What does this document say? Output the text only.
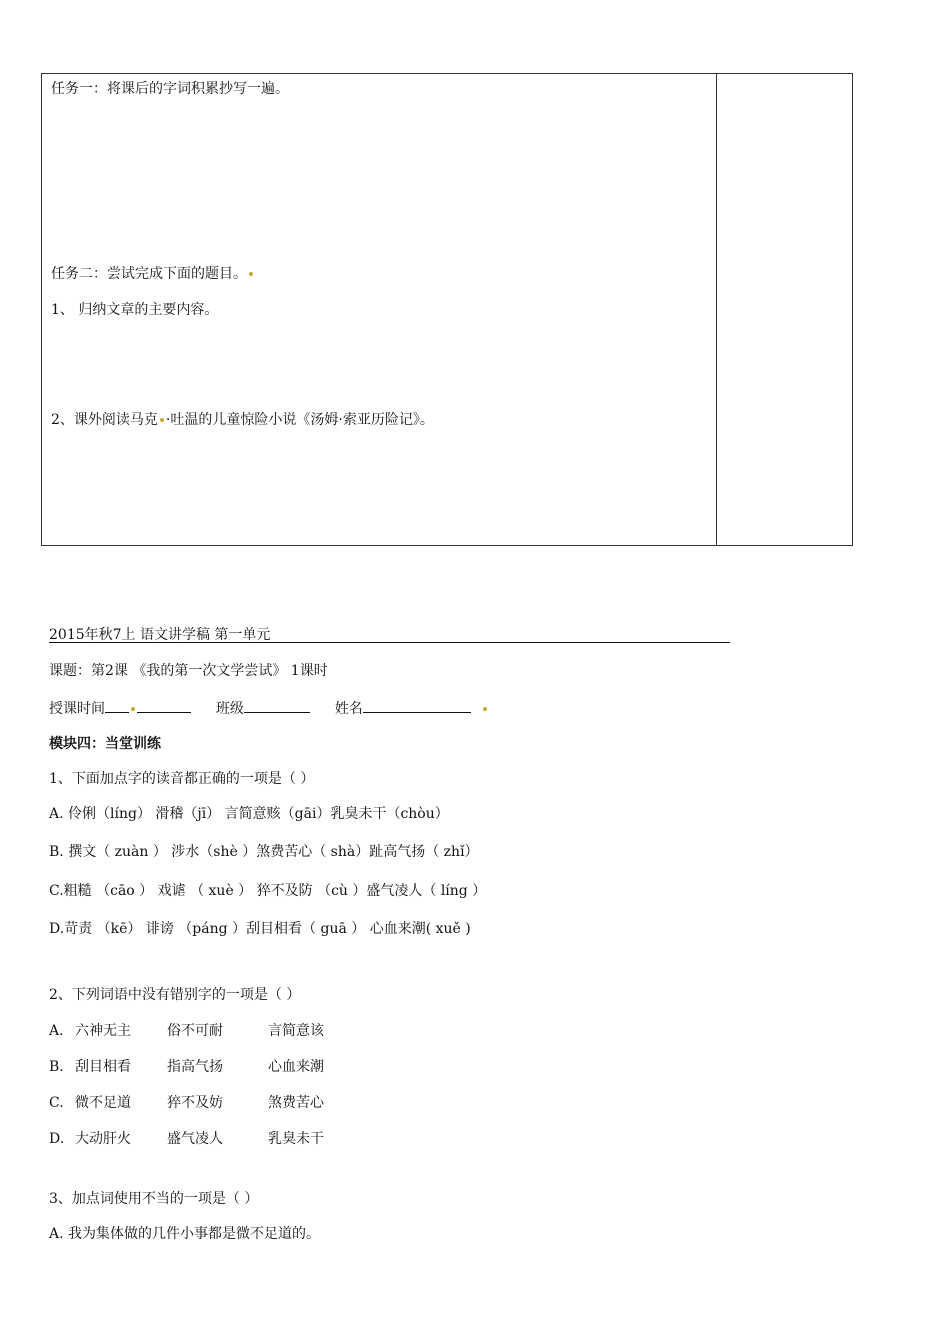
任务一：将课后的字词积累抄写一遍。
任务二：尝试完成下面的题目。
1、 归纳文章的主要内容。
2、课外阅读马克 ·吐温的儿童惊险小说《汤姆·索亚历险记》。
2015年秋7上 语文讲学稿 第一单元
课题：第2课 《我的第一次文学尝试》 1课时
授课时间	班级	姓名
模块四：当堂训练
1、下面加点字的读音都正确的一项是（ ）
A. 伶俐（líng） 滑稽（jī） 言简意赅（gāi）乳臭未干（chòu）
B. 撰文（ zuàn ） 涉水（shè ）煞费苦心（ shà）趾高气扬（ zhǐ）
C.粗糙 （cāo ） 戏谑 （ xuè ） 猝不及防 （cù ）盛气凌人（ líng ）
D.苛责 （kē） 诽谤 （páng ）刮目相看（ guā ） 心血来潮( xuě )
2、下列词语中没有错别字的一项是（ ）
A. 六神无主	俗不可耐	言简意该
B. 刮目相看	指高气扬	心血来潮
C. 微不足道	猝不及妨	煞费苦心
D. 大动肝火	盛气凌人	乳臭未干
3、加点词使用不当的一项是（ ）
A. 我为集体做的几件小事都是微不足道的。
